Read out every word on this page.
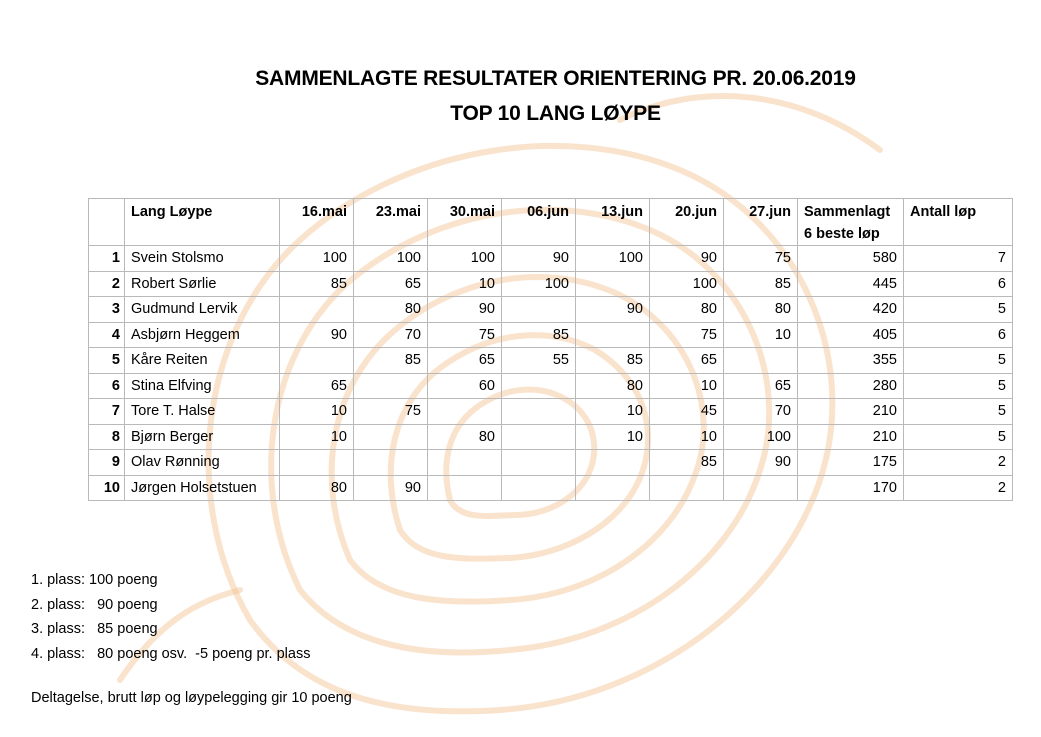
SAMMENLAGTE RESULTATER ORIENTERING PR. 20.06.2019
TOP 10 LANG LØYPE
	Lang Løype	16.mai	23.mai	30.mai	06.jun	13.jun	20.jun	27.jun	Sammenlagt
6 beste løp	Antall løp
1	Svein Stolsmo	100	100	100	90	100	90	75	580	7
2	Robert Sørlie	85	65	10	100		100	85	445	6
3	Gudmund Lervik		80	90		90	80	80	420	5
4	Asbjørn Heggem	90	70	75	85		75	10	405	6
5	Kåre Reiten		85	65	55	85	65		355	5
6	Stina Elfving	65		60		80	10	65	280	5
7	Tore T. Halse	10	75			10	45	70	210	5
8	Bjørn Berger	10		80		10	10	100	210	5
9	Olav Rønning						85	90	175	2
10	Jørgen Holsetstuen	80	90						170	2
1. plass: 100 poeng
2. plass: 90 poeng
3. plass: 85 poeng
4. plass: 80 poeng osv.  -5 poeng pr. plass
Deltagelse, brutt løp og løypelegging gir 10 poeng
